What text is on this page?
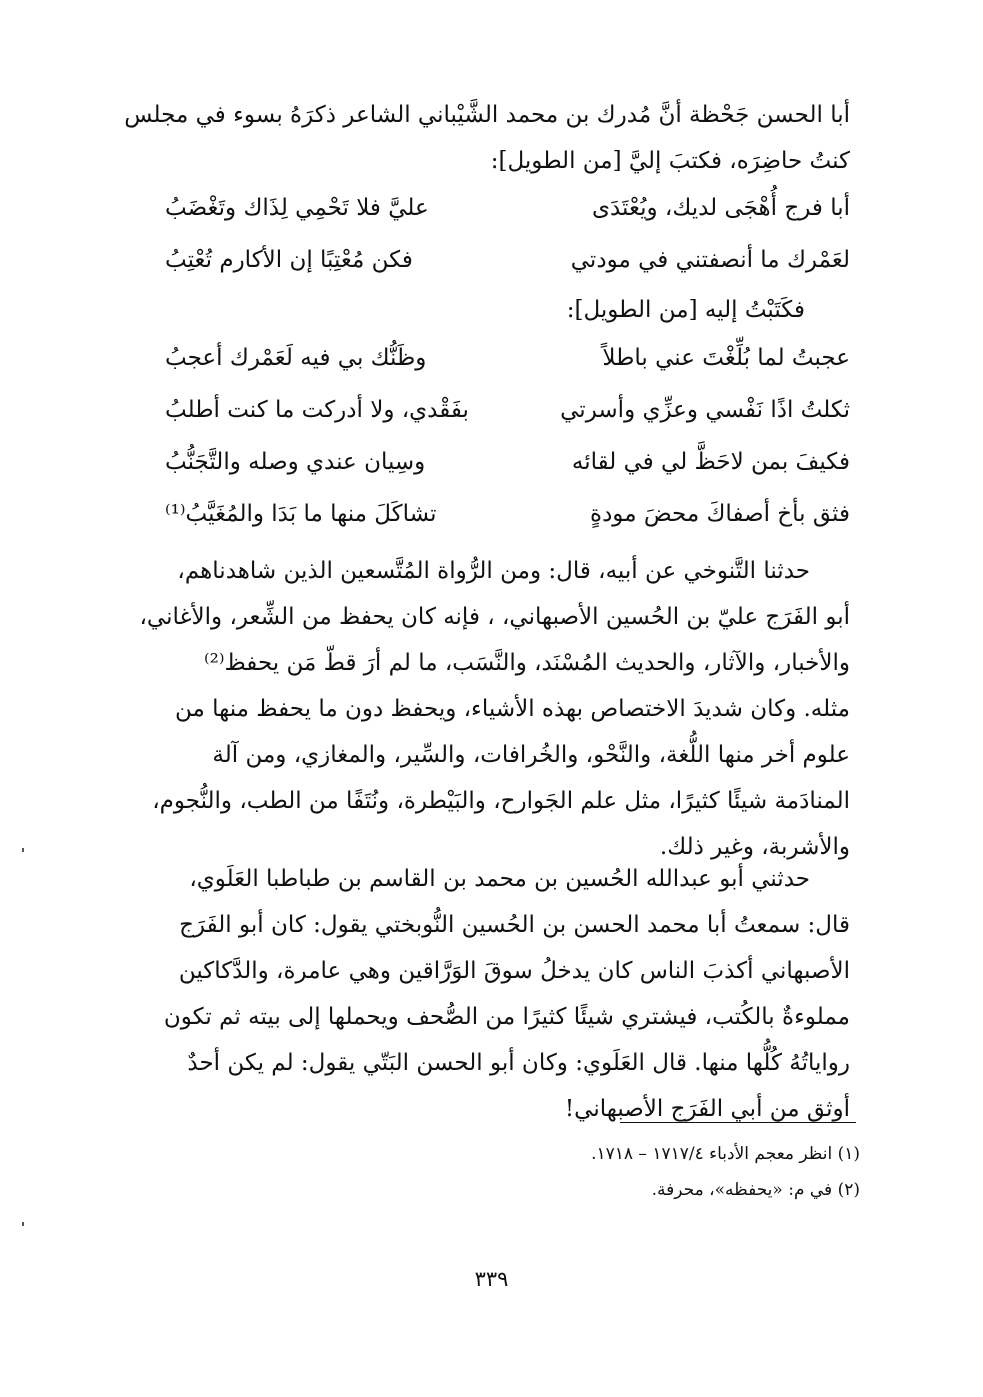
أبا الحسن جَحْظة أنَّ مُدرك بن محمد الشَّيْباني الشاعر ذكرَهُ بسوء في مجلس
كنتُ حاضِرَه، فكتبَ إليَّ [من الطويل]:
أبا فرج أُهْجَى لديك، ويُعْتَدَى
عليَّ فلا تَحْمِي لِذَاك وتَغْضَبُ
لعَمْرك ما أنصفتني في مودتي
فكن مُعْتِبًا إن الأكارم تُعْتِبُ
فكَتَبْتُ إليه [من الطويل]:
عجبتُ لما بُلِّغْتَ عني باطلاً
وظَنُّك بي فيه لَعَمْرك أعجبُ
ثكلتُ اذًا نَفْسي وعزِّي وأسرتي
بفَقْدي، ولا أدركت ما كنت أطلبُ
فكيفَ بمن لاحَظَّ لي في لقائه
وسِيان عندي وصله والتَّجَنُّبُ
فثق بأخ أصفاكَ محضَ مودةٍ
تشاكَلَ منها ما بَدَا والمُغَيَّبُ⁽¹⁾
حدثنا التَّنوخي عن أبيه، قال: ومن الرُّواة المُتَّسعين الذين شاهدناهم،
أبو الفَرَج عليّ بن الحُسين الأصبهاني، ، فإنه كان يحفظ من الشِّعر، والأغاني،
والأخبار، والآثار، والحديث المُسْنَد، والنَّسَب، ما لم أرَ قطّ مَن يحفظ⁽²⁾
مثله. وكان شديدَ الاختصاص بهذه الأشياء، ويحفظ دون ما يحفظ منها من
علوم أخر منها اللُّغة، والنَّحْو، والخُرافات، والسِّير، والمغازي، ومن آلة
المنادَمة شيئًا كثيرًا، مثل علم الجَوارح، والبَيْطرة، ونُتَفًا من الطب، والنُّجوم،
والأشربة، وغير ذلك.
حدثني أبو عبدالله الحُسين بن محمد بن القاسم بن طباطبا العَلَوي،
قال: سمعتُ أبا محمد الحسن بن الحُسين النُّوبختي يقول: كان أبو الفَرَج
الأصبهاني أكذبَ الناس كان يدخلُ سوقَ الوَرَّاقين وهي عامرة، والدَّكاكين
مملوءةٌ بالكُتب، فيشتري شيئًا كثيرًا من الصُّحف ويحملها إلى بيته ثم تكون
رواياتُهُ كُلُّها منها. قال العَلَوي: وكان أبو الحسن البَتّي يقول: لم يكن أحدٌ
أوثق من أبي الفَرَج الأصبهاني!
(١) انظر معجم الأدباء ١٧١٧/٤ – ١٧١٨.
(٢) في م: «يحفظه»، محرفة.
٣٣٩
